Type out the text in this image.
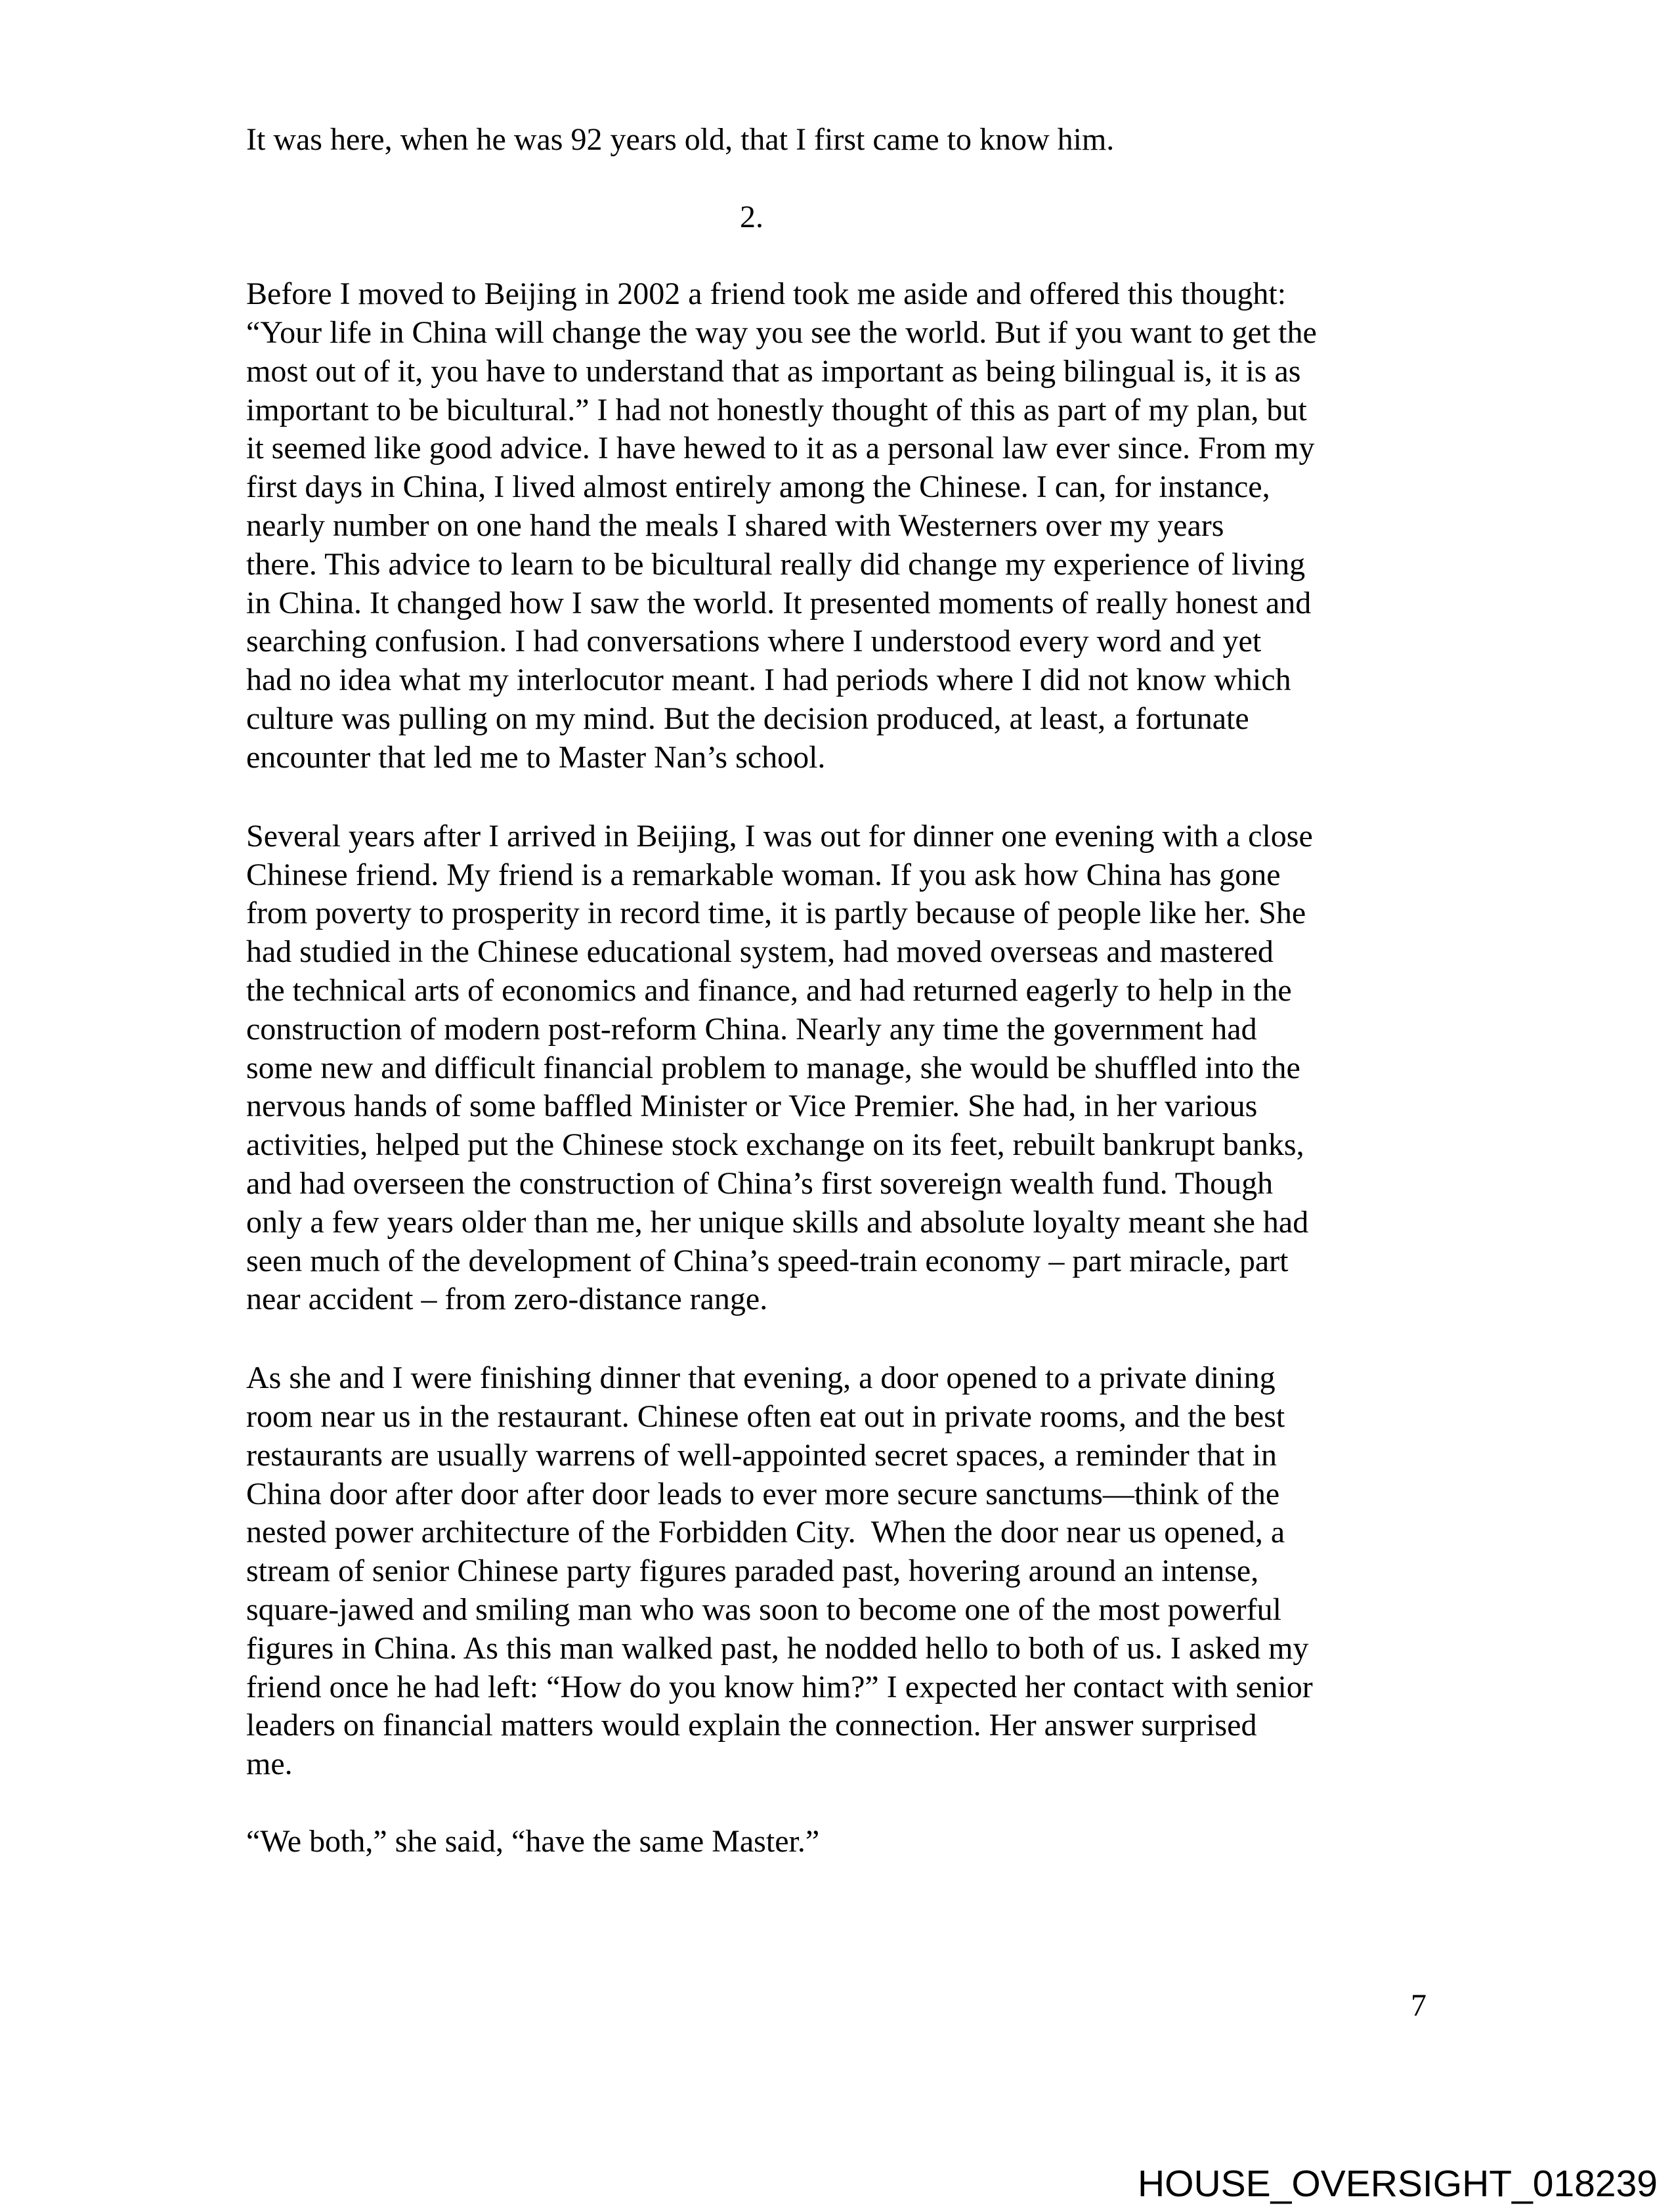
It was here, when he was 92 years old, that I first came to know him.
2.
Before I moved to Beijing in 2002 a friend took me aside and offered this thought:
“Your life in China will change the way you see the world. But if you want to get the
most out of it, you have to understand that as important as being bilingual is, it is as
important to be bicultural.” I had not honestly thought of this as part of my plan, but
it seemed like good advice. I have hewed to it as a personal law ever since. From my
first days in China, I lived almost entirely among the Chinese. I can, for instance,
nearly number on one hand the meals I shared with Westerners over my years
there. This advice to learn to be bicultural really did change my experience of living
in China. It changed how I saw the world. It presented moments of really honest and
searching confusion. I had conversations where I understood every word and yet
had no idea what my interlocutor meant. I had periods where I did not know which
culture was pulling on my mind. But the decision produced, at least, a fortunate
encounter that led me to Master Nan’s school.
Several years after I arrived in Beijing, I was out for dinner one evening with a close
Chinese friend. My friend is a remarkable woman. If you ask how China has gone
from poverty to prosperity in record time, it is partly because of people like her. She
had studied in the Chinese educational system, had moved overseas and mastered
the technical arts of economics and finance, and had returned eagerly to help in the
construction of modern post-reform China. Nearly any time the government had
some new and difficult financial problem to manage, she would be shuffled into the
nervous hands of some baffled Minister or Vice Premier. She had, in her various
activities, helped put the Chinese stock exchange on its feet, rebuilt bankrupt banks,
and had overseen the construction of China’s first sovereign wealth fund. Though
only a few years older than me, her unique skills and absolute loyalty meant she had
seen much of the development of China’s speed-train economy – part miracle, part
near accident – from zero-distance range.
As she and I were finishing dinner that evening, a door opened to a private dining
room near us in the restaurant. Chinese often eat out in private rooms, and the best
restaurants are usually warrens of well-appointed secret spaces, a reminder that in
China door after door after door leads to ever more secure sanctums—think of the
nested power architecture of the Forbidden City.  When the door near us opened, a
stream of senior Chinese party figures paraded past, hovering around an intense,
square-jawed and smiling man who was soon to become one of the most powerful
figures in China. As this man walked past, he nodded hello to both of us. I asked my
friend once he had left: “How do you know him?” I expected her contact with senior
leaders on financial matters would explain the connection. Her answer surprised
me.
“We both,” she said, “have the same Master.”
7
HOUSE_OVERSIGHT_018239
